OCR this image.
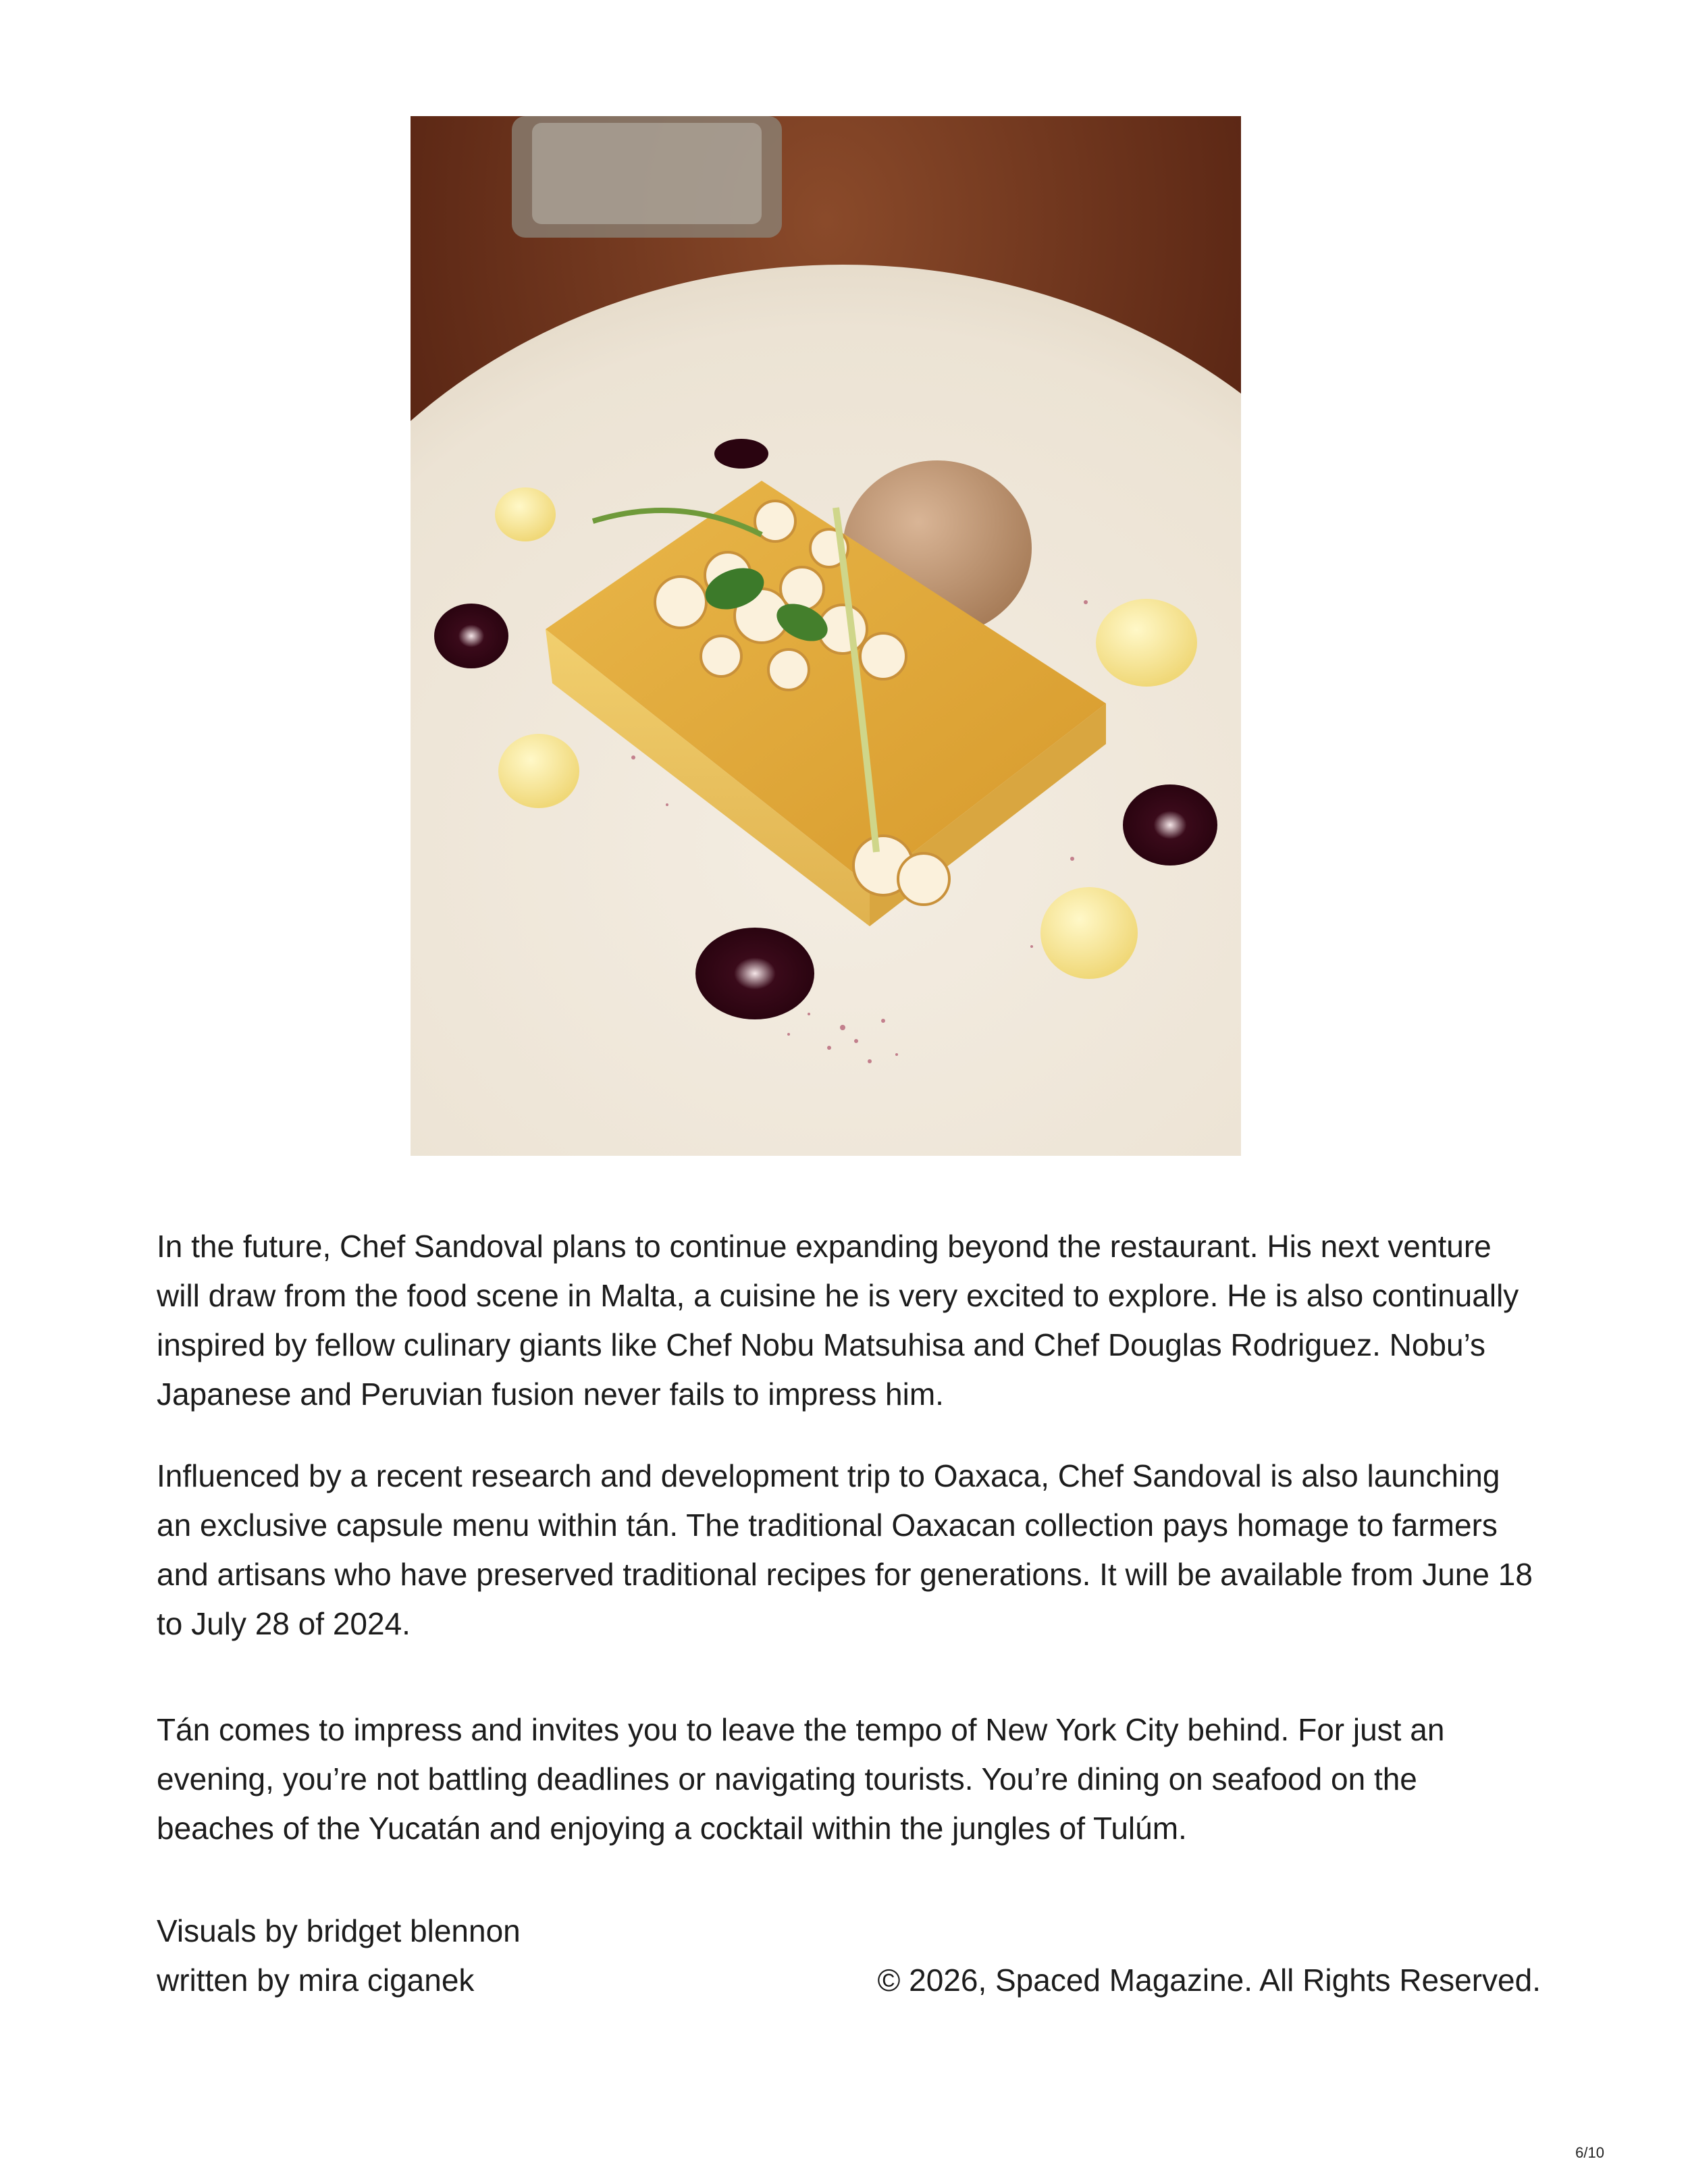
In the future, Chef Sandoval plans to continue expanding beyond the restaurant. His next venture will draw from the food scene in Malta, a cuisine he is very excited to explore. He is also continually inspired by fellow culinary giants like Chef Nobu Matsuhisa and Chef Douglas Rodriguez. Nobu’s Japanese and Peruvian fusion never fails to impress him.

Influenced by a recent research and development trip to Oaxaca, Chef Sandoval is also launching an exclusive capsule menu within tán. The traditional Oaxacan collection pays homage to farmers and artisans who have preserved traditional recipes for generations. It will be available from June 18 to July 28 of 2024.

Tán comes to impress and invites you to leave the tempo of New York City behind. For just an evening, you’re not battling deadlines or navigating tourists. You’re dining on seafood on the beaches of the Yucatán and enjoying a cocktail within the jungles of Tulúm.

Visuals by bridget blennon
written by mira ciganek	© 2026, Spaced Magazine. All Rights Reserved.
6/10
